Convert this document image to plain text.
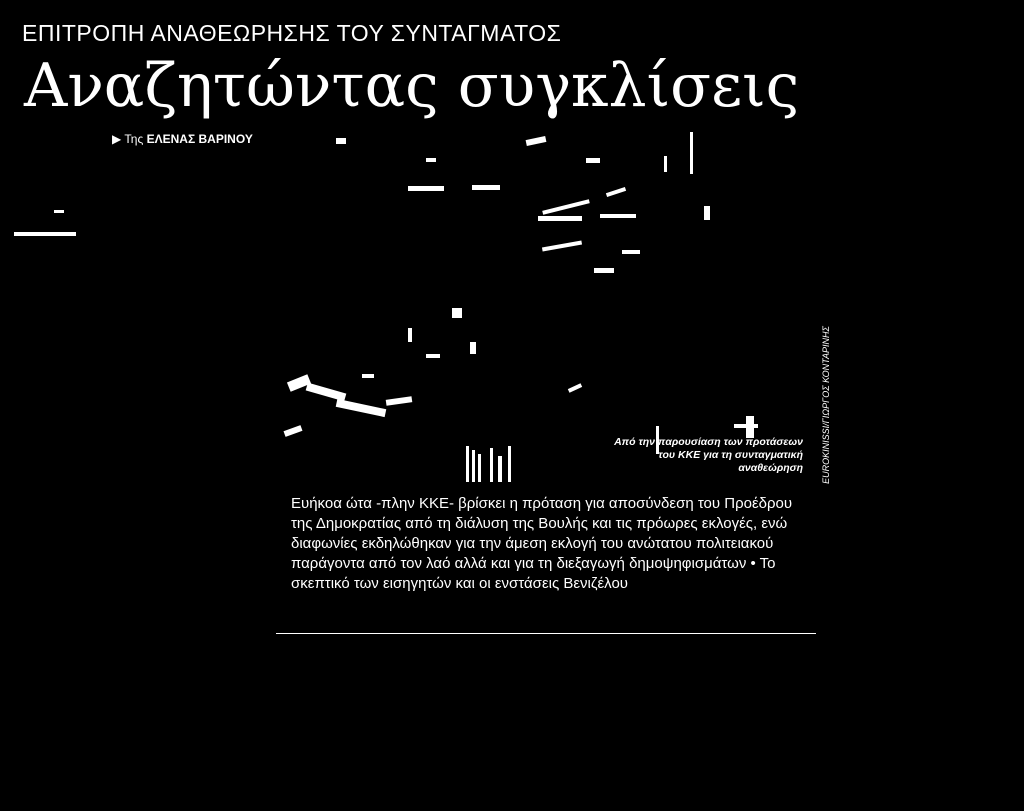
ΕΠΙΤΡΟΠΗ ΑΝΑΘΕΩΡΗΣΗΣ ΤΟΥ ΣΥΝΤΑΓΜΑΤΟΣ
Αναζητώντας συγκλίσεις
▶ Της ΕΛΕΝΑΣ ΒΑΡΙΝΟΥ
Από την παρουσίαση των προτάσεων του ΚΚΕ για τη συνταγματική αναθεώρηση EUROKINISSI/ΓΙΩΡΓΟΣ ΚΟΝΤΑΡΙΝΗΣ
Ευήκοα ώτα -πλην ΚΚΕ- βρίσκει η πρόταση για αποσύνδεση του Προέδρου της Δημοκρατίας από τη διάλυση της Βουλής και τις πρόωρες εκλογές, ενώ διαφωνίες εκδηλώθηκαν για την άμεση εκλογή του ανώτατου πολιτειακού παράγοντα από τον λαό αλλά και για τη διεξαγωγή δημοψηφισμάτων • Το σκεπτικό των εισηγητών και οι ενστάσεις Βενιζέλου
